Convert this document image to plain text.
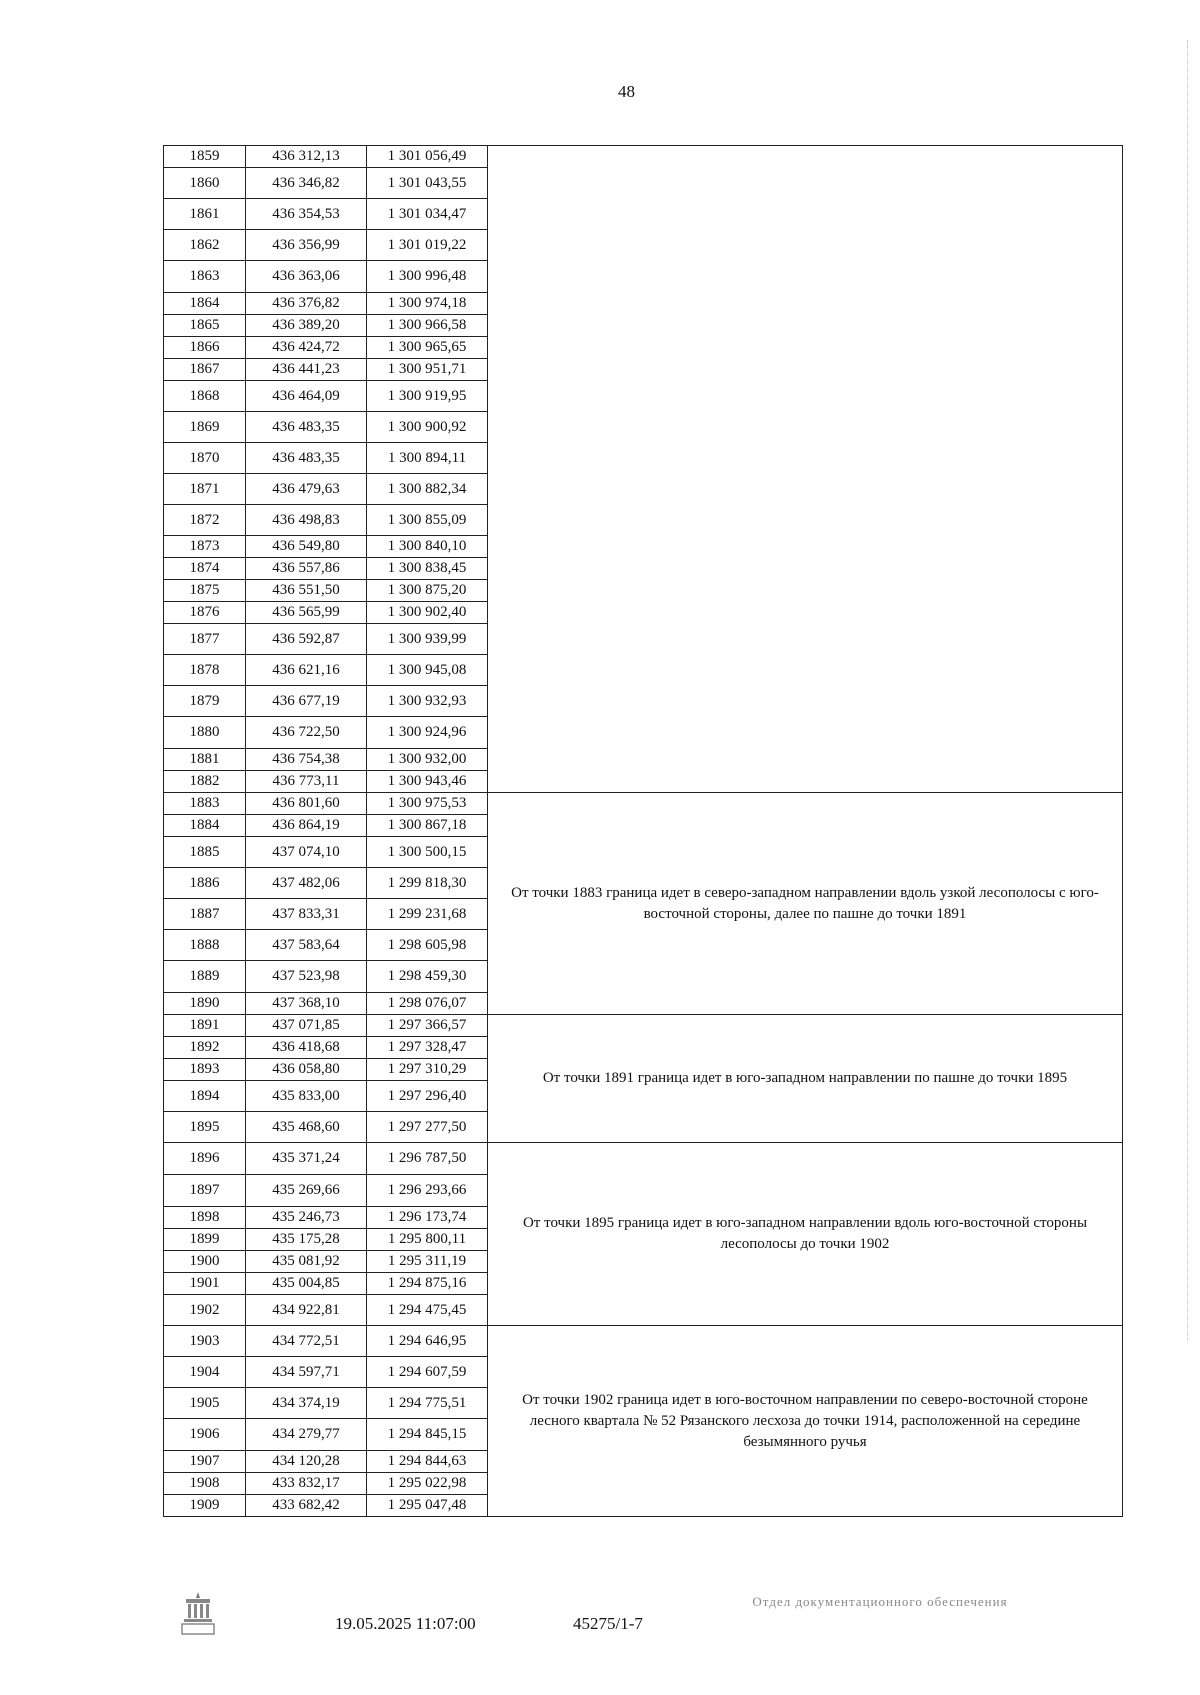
48
1859	436 312,13	1 301 056,49	
1860	436 346,82	1 301 043,55	
1861	436 354,53	1 301 034,47	
1862	436 356,99	1 301 019,22	
1863	436 363,06	1 300 996,48	
1864	436 376,82	1 300 974,18	
1865	436 389,20	1 300 966,58	
1866	436 424,72	1 300 965,65	
1867	436 441,23	1 300 951,71	
1868	436 464,09	1 300 919,95	
1869	436 483,35	1 300 900,92	
1870	436 483,35	1 300 894,11	
1871	436 479,63	1 300 882,34	
1872	436 498,83	1 300 855,09	
1873	436 549,80	1 300 840,10	
1874	436 557,86	1 300 838,45	
1875	436 551,50	1 300 875,20	
1876	436 565,99	1 300 902,40	
1877	436 592,87	1 300 939,99	
1878	436 621,16	1 300 945,08	
1879	436 677,19	1 300 932,93	
1880	436 722,50	1 300 924,96	
1881	436 754,38	1 300 932,00	
1882	436 773,11	1 300 943,46	
1883	436 801,60	1 300 975,53	От точки 1883 граница идет в северо-западном направлении вдоль узкой лесополосы с юго-восточной стороны, далее по пашне до точки 1891
1884	436 864,19	1 300 867,18	
1885	437 074,10	1 300 500,15	
1886	437 482,06	1 299 818,30	
1887	437 833,31	1 299 231,68	
1888	437 583,64	1 298 605,98	
1889	437 523,98	1 298 459,30	
1890	437 368,10	1 298 076,07	
1891	437 071,85	1 297 366,57	От точки 1891 граница идет в юго-западном направлении по пашне до точки 1895
1892	436 418,68	1 297 328,47	
1893	436 058,80	1 297 310,29	
1894	435 833,00	1 297 296,40	
1895	435 468,60	1 297 277,50	
1896	435 371,24	1 296 787,50	От точки 1895 граница идет в юго-западном направлении вдоль юго-восточной стороны лесополосы до точки 1902
1897	435 269,66	1 296 293,66	
1898	435 246,73	1 296 173,74	
1899	435 175,28	1 295 800,11	
1900	435 081,92	1 295 311,19	
1901	435 004,85	1 294 875,16	
1902	434 922,81	1 294 475,45	
1903	434 772,51	1 294 646,95	От точки 1902 граница идет в юго-восточном направлении по северо-восточной стороне лесного квартала № 52 Рязанского лесхоза до точки 1914, расположенной на середине безымянного ручья
1904	434 597,71	1 294 607,59	
1905	434 374,19	1 294 775,51	
1906	434 279,77	1 294 845,15	
1907	434 120,28	1 294 844,63	
1908	433 832,17	1 295 022,98	
1909	433 682,42	1 295 047,48	
19.05.2025 11:07:00	45275/1-7
Отдел документационного обеспечения
